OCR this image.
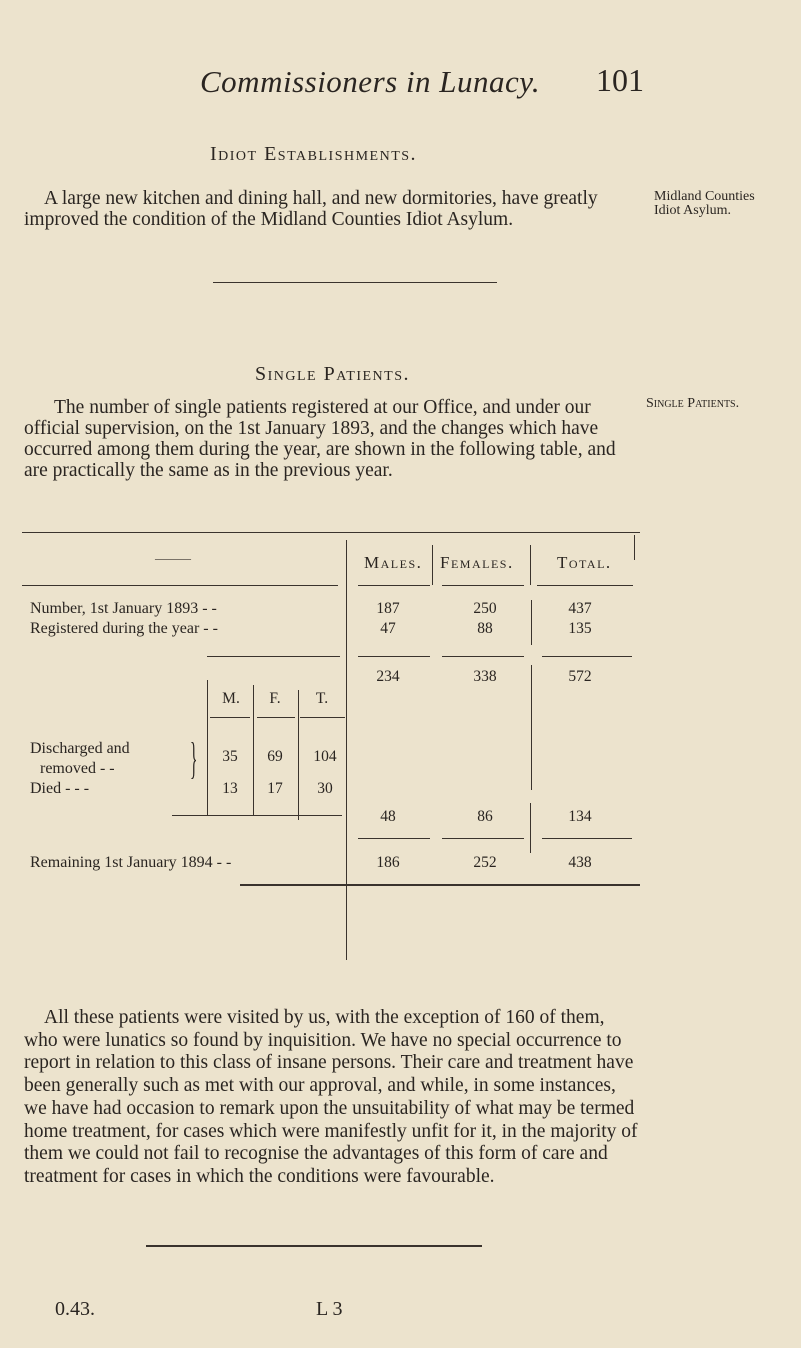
Commissioners in Lunacy. 101
Idiot Establishments.
A large new kitchen and dining hall, and new dormitories, have greatly improved the condition of the Midland Counties Idiot Asylum.
Midland Counties Idiot Asylum.
Single Patients.
The number of single patients registered at our Office, and under our official supervision, on the 1st January 1893, and the changes which have occurred among them during the year, are shown in the following table, and are practically the same as in the previous year.
Single Patients.
———	Males. Females.	Total.
Number, 1st January 1893 - -	187	250	437
Registered during the year - -	47	88	135
234	338	572
M.	F.	T.
Discharged and
removed - - }	35	69	104
Died - - -	13	17	30
48	86	134
Remaining 1st January 1894 - -	186	252	438
All these patients were visited by us, with the exception of 160 of them, who were lunatics so found by inquisition. We have no special occurrence to report in relation to this class of insane persons. Their care and treatment have been generally such as met with our approval, and while, in some instances, we have had occasion to remark upon the unsuitability of what may be termed home treatment, for cases which were manifestly unfit for it, in the majority of them we could not fail to recognise the advantages of this form of care and treatment for cases in which the conditions were favourable.
0.43.	L 3
